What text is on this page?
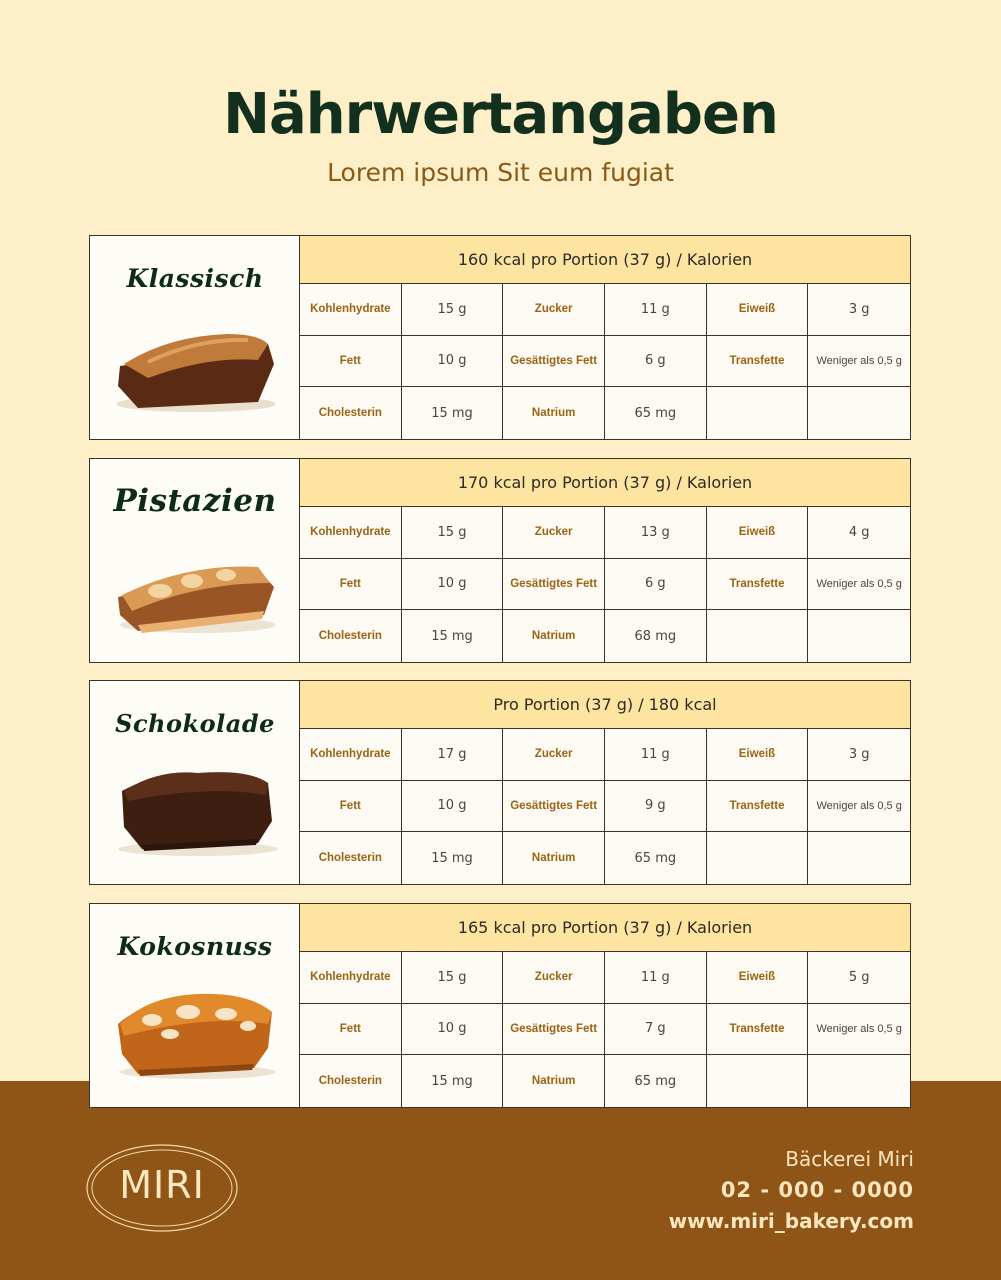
Nährwertangaben
Lorem ipsum Sit eum fugiat
Klassisch
160 kcal pro Portion (37 g) / Kalorien
Kohlenhydrate	15 g	Zucker	11 g	Eiweiß	3 g
Fett	10 g	Gesättigtes Fett	6 g	Transfette	Weniger als 0,5 g
Cholesterin	15 mg	Natrium	65 mg
Pistazien
170 kcal pro Portion (37 g) / Kalorien
Kohlenhydrate	15 g	Zucker	13 g	Eiweiß	4 g
Fett	10 g	Gesättigtes Fett	6 g	Transfette	Weniger als 0,5 g
Cholesterin	15 mg	Natrium	68 mg
Schokolade
Pro Portion (37 g) / 180 kcal
Kohlenhydrate	17 g	Zucker	11 g	Eiweiß	3 g
Fett	10 g	Gesättigtes Fett	9 g	Transfette	Weniger als 0,5 g
Cholesterin	15 mg	Natrium	65 mg
Kokosnuss
165 kcal pro Portion (37 g) / Kalorien
Kohlenhydrate	15 g	Zucker	11 g	Eiweiß	5 g
Fett	10 g	Gesättigtes Fett	7 g	Transfette	Weniger als 0,5 g
Cholesterin	15 mg	Natrium	65 mg
MIRI
Bäckerei Miri
02 - 000 - 0000
www.miri_bakery.com
